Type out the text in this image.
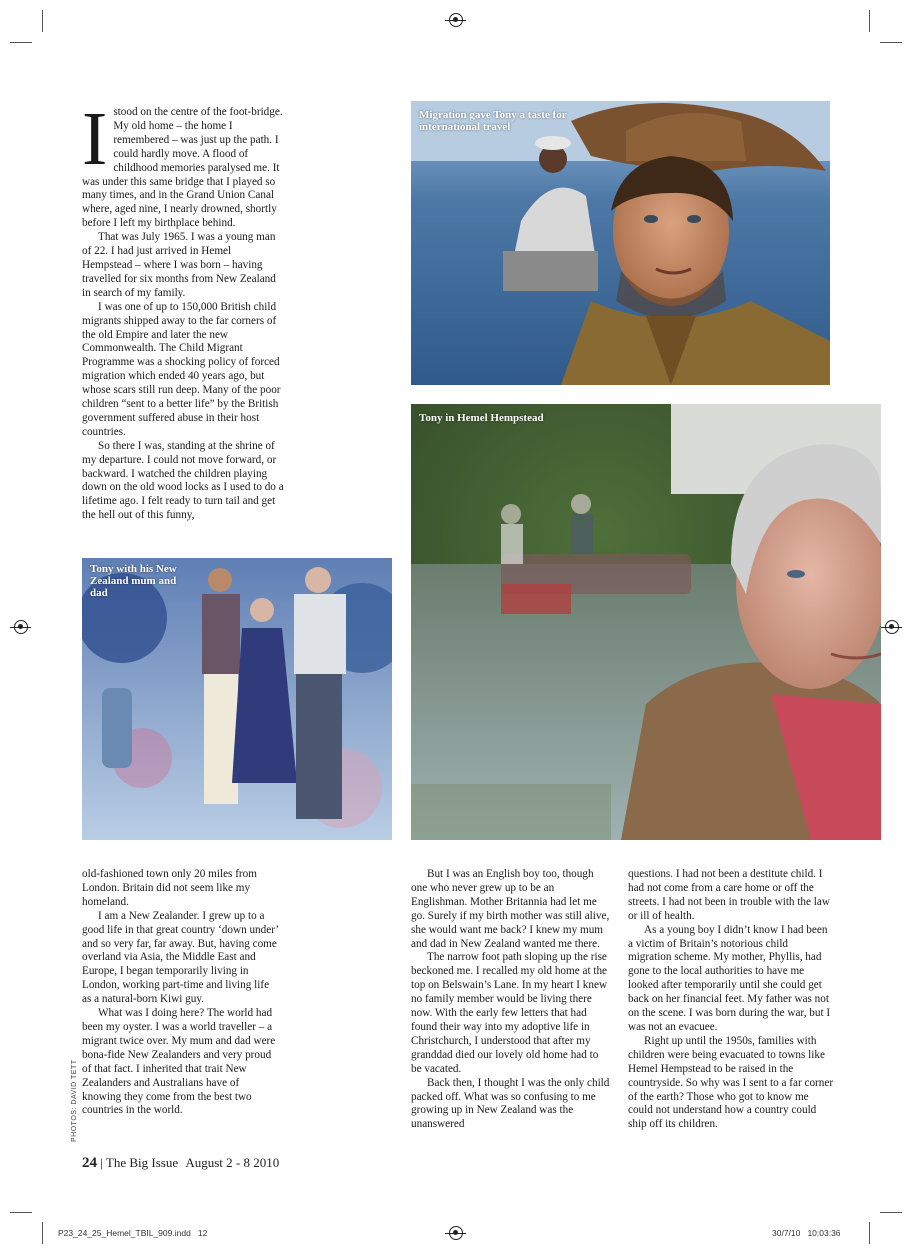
I stood on the centre of the foot-bridge. My old home – the home I remembered – was just up the path. I could hardly move. A flood of childhood memories paralysed me. It was under this same bridge that I played so many times, and in the Grand Union Canal where, aged nine, I nearly drowned, shortly before I left my birthplace behind.

That was July 1965. I was a young man of 22. I had just arrived in Hemel Hempstead – where I was born – having travelled for six months from New Zealand in search of my family.

I was one of up to 150,000 British child migrants shipped away to the far corners of the old Empire and later the new Commonwealth. The Child Migrant Programme was a shocking policy of forced migration which ended 40 years ago, but whose scars still run deep. Many of the poor children “sent to a better life” by the British government suffered abuse in their host countries.

So there I was, standing at the shrine of my departure. I could not move forward, or backward. I watched the children playing down on the old wood locks as I used to do a lifetime ago. I felt ready to turn tail and get the hell out of this funny,

Migration gave Tony a taste for international travel
Tony in Hemel Hempstead
Tony with his New Zealand mum and dad

old-fashioned town only 20 miles from London. Britain did not seem like my homeland.

I am a New Zealander. I grew up to a good life in that great country ‘down under’ and so very far, far away. But, having come overland via Asia, the Middle East and Europe, I began temporarily living in London, working part-time and living life as a natural-born Kiwi guy.

What was I doing here? The world had been my oyster. I was a world traveller – a migrant twice over. My mum and dad were bona-fide New Zealanders and very proud of that fact. I inherited that trait New Zealanders and Australians have of knowing they come from the best two countries in the world.

But I was an English boy too, though one who never grew up to be an Englishman. Mother Britannia had let me go. Surely if my birth mother was still alive, she would want me back? I knew my mum and dad in New Zealand wanted me there.

The narrow foot path sloping up the rise beckoned me. I recalled my old home at the top on Belswain’s Lane. In my heart I knew no family member would be living there now. With the early few letters that had found their way into my adoptive life in Christchurch, I understood that after my granddad died our lovely old home had to be vacated.

Back then, I thought I was the only child packed off. What was so confusing to me growing up in New Zealand was the unanswered

questions. I had not been a destitute child. I had not come from a care home or off the streets. I had not been in trouble with the law or ill of health.

As a young boy I didn’t know I had been a victim of Britain’s notorious child migration scheme. My mother, Phyllis, had gone to the local authorities to have me looked after temporarily until she could get back on her financial feet. My father was not on the scene. I was born during the war, but I was not an evacuee.

Right up until the 1950s, families with children were being evacuated to towns like Hemel Hempstead to be raised in the countryside. So why was I sent to a far corner of the earth? Those who got to know me could not understand how a country could ship off its children.

PHOTOS: DAVID TETT
24 | The Big Issue August 2 - 8 2010
P23_24_25_Hemel_TBIL_909.indd   12	30/7/10   10:03:36
